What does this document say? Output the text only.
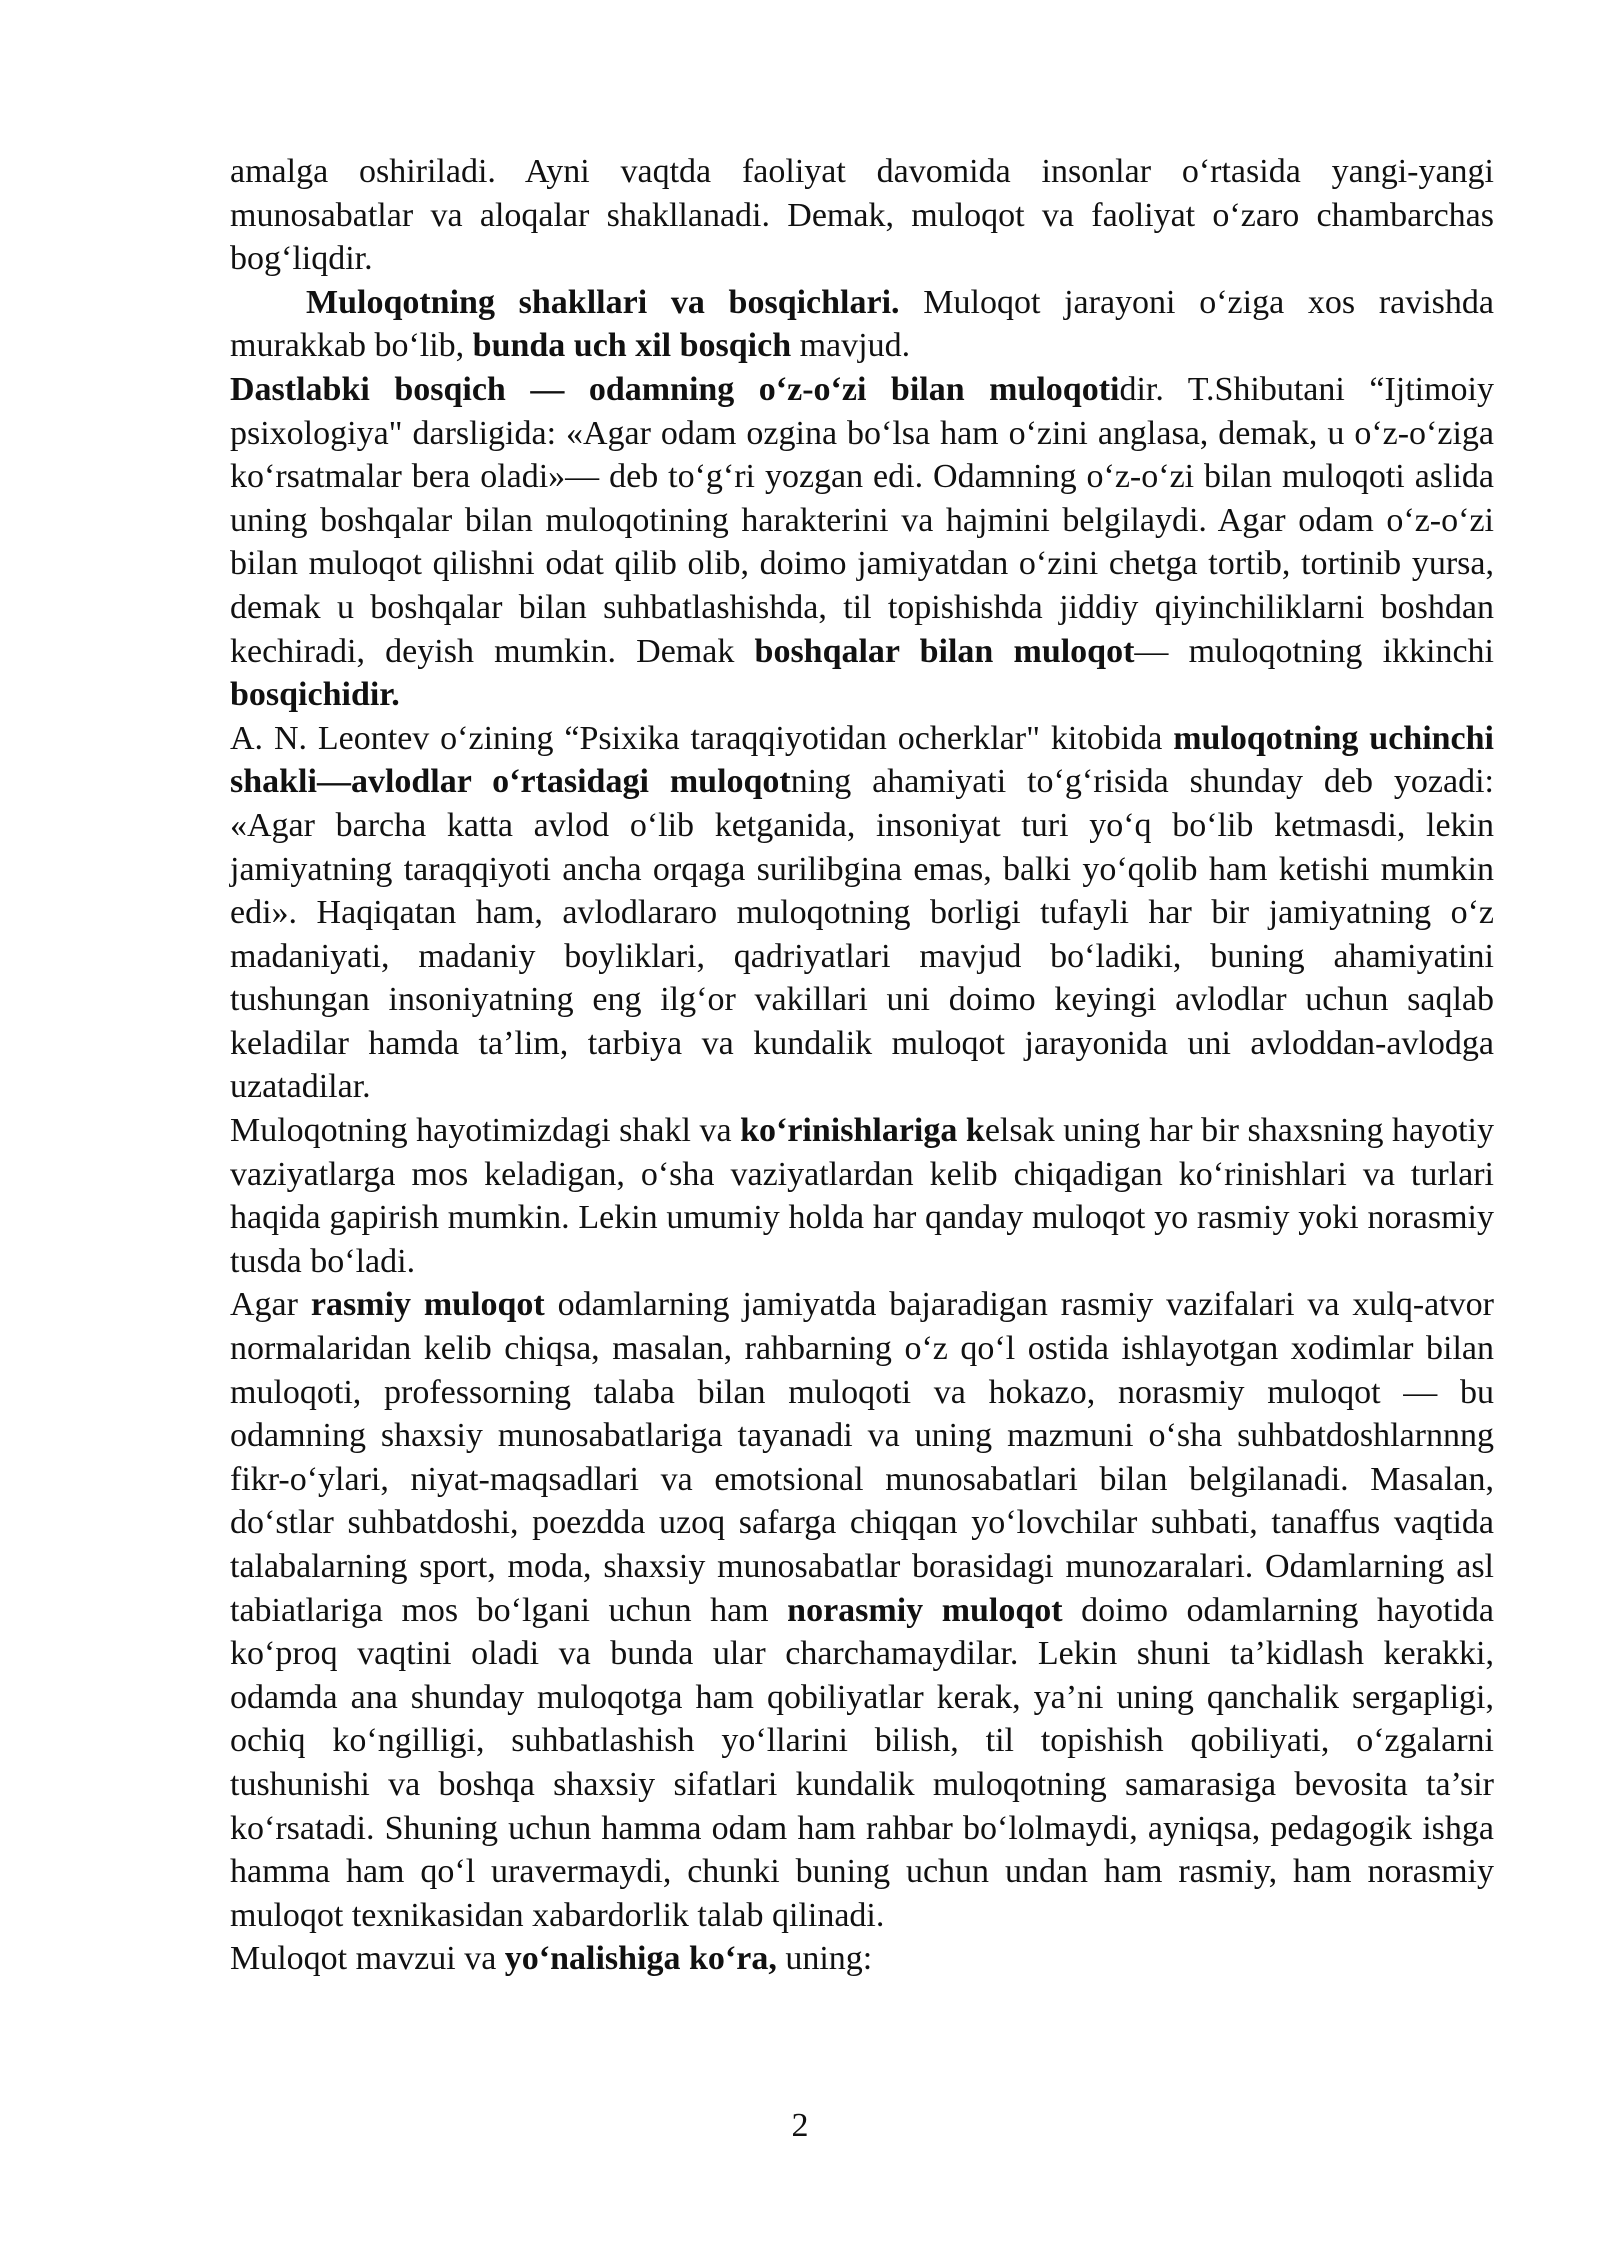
amalga oshiriladi. Ayni vaqtda faoliyat davomida insonlar o‘rtasida yangi-yangi munosabatlar va aloqalar shakllanadi. Demak, muloqot va faoliyat o‘zaro chambarchas bog‘liqdir.

Muloqotning shakllari va bosqichlari. Muloqot jarayoni o‘ziga xos ravishda murakkab bo‘lib, bunda uch xil bosqich mavjud.

Dastlabki bosqich — odamning o‘z-o‘zi bilan muloqotidir. T.Shibutani “Ijtimoiy psixologiya" darsligida: «Agar odam ozgina bo‘lsa ham o‘zini anglasa, demak, u o‘z-o‘ziga ko‘rsatmalar bera oladi»— deb to‘g‘ri yozgan edi. Odamning o‘z-o‘zi bilan muloqoti aslida uning boshqalar bilan muloqotining harakterini va hajmini belgilaydi. Agar odam o‘z-o‘zi bilan muloqot qilishni odat qilib olib, doimo jamiyatdan o‘zini chetga tortib, tortinib yursa, demak u boshqalar bilan suhbatlashishda, til topishishda jiddiy qiyinchiliklarni boshdan kechiradi, deyish mumkin. Demak boshqalar bilan muloqot— muloqotning ikkinchi bosqichidir.

A. N. Leontev o‘zining “Psixika taraqqiyotidan ocherklar" kitobida muloqotning uchinchi shakli—avlodlar o‘rtasidagi muloqotning ahamiyati to‘g‘risida shunday deb yozadi: «Agar barcha katta avlod o‘lib ketganida, insoniyat turi yo‘q bo‘lib ketmasdi, lekin jamiyatning taraqqiyoti ancha orqaga surilibgina emas, balki yo‘qolib ham ketishi mumkin edi». Haqiqatan ham, avlodlararo muloqotning borligi tufayli har bir jamiyatning o‘z madaniyati, madaniy boyliklari, qadriyatlari mavjud bo‘ladiki, buning ahamiyatini tushungan insoniyatning eng ilg‘or vakillari uni doimo keyingi avlodlar uchun saqlab keladilar hamda ta’lim, tarbiya va kundalik muloqot jarayonida uni avloddan-avlodga uzatadilar.

Muloqotning hayotimizdagi shakl va ko‘rinishlariga kelsak uning har bir shaxsning hayotiy vaziyatlarga mos keladigan, o‘sha vaziyatlardan kelib chiqadigan ko‘rinishlari va turlari haqida gapirish mumkin. Lekin umumiy holda har qanday muloqot yo rasmiy yoki norasmiy tusda bo‘ladi.

Agar rasmiy muloqot odamlarning jamiyatda bajaradigan rasmiy vazifalari va xulq-atvor normalaridan kelib chiqsa, masalan, rahbarning o‘z qo‘l ostida ishlayotgan xodimlar bilan muloqoti, professorning talaba bilan muloqoti va hokazo, norasmiy muloqot — bu odamning shaxsiy munosabatlariga tayanadi va uning mazmuni o‘sha suhbatdoshlarnnng fikr-o‘ylari, niyat-maqsadlari va emotsional munosabatlari bilan belgilanadi. Masalan, do‘stlar suhbatdoshi, poezdda uzoq safarga chiqqan yo‘lovchilar suhbati, tanaffus vaqtida talabalarning sport, moda, shaxsiy munosabatlar borasidagi munozaralari. Odamlarning asl tabiatlariga mos bo‘lgani uchun ham norasmiy muloqot doimo odamlarning hayotida ko‘proq vaqtini oladi va bunda ular charchamaydilar. Lekin shuni ta’kidlash kerakki, odamda ana shunday muloqotga ham qobiliyatlar kerak, ya’ni uning qanchalik sergapligi, ochiq ko‘ngilligi, suhbatlashish yo‘llarini bilish, til topishish qobiliyati, o‘zgalarni tushunishi va boshqa shaxsiy sifatlari kundalik muloqotning samarasiga bevosita ta’sir ko‘rsatadi. Shuning uchun hamma odam ham rahbar bo‘lolmaydi, ayniqsa, pedagogik ishga hamma ham qo‘l uravermaydi, chunki buning uchun undan ham rasmiy, ham norasmiy muloqot texnikasidan xabardorlik talab qilinadi.

Muloqot mavzui va yo‘nalishiga ko‘ra, uning:

2
